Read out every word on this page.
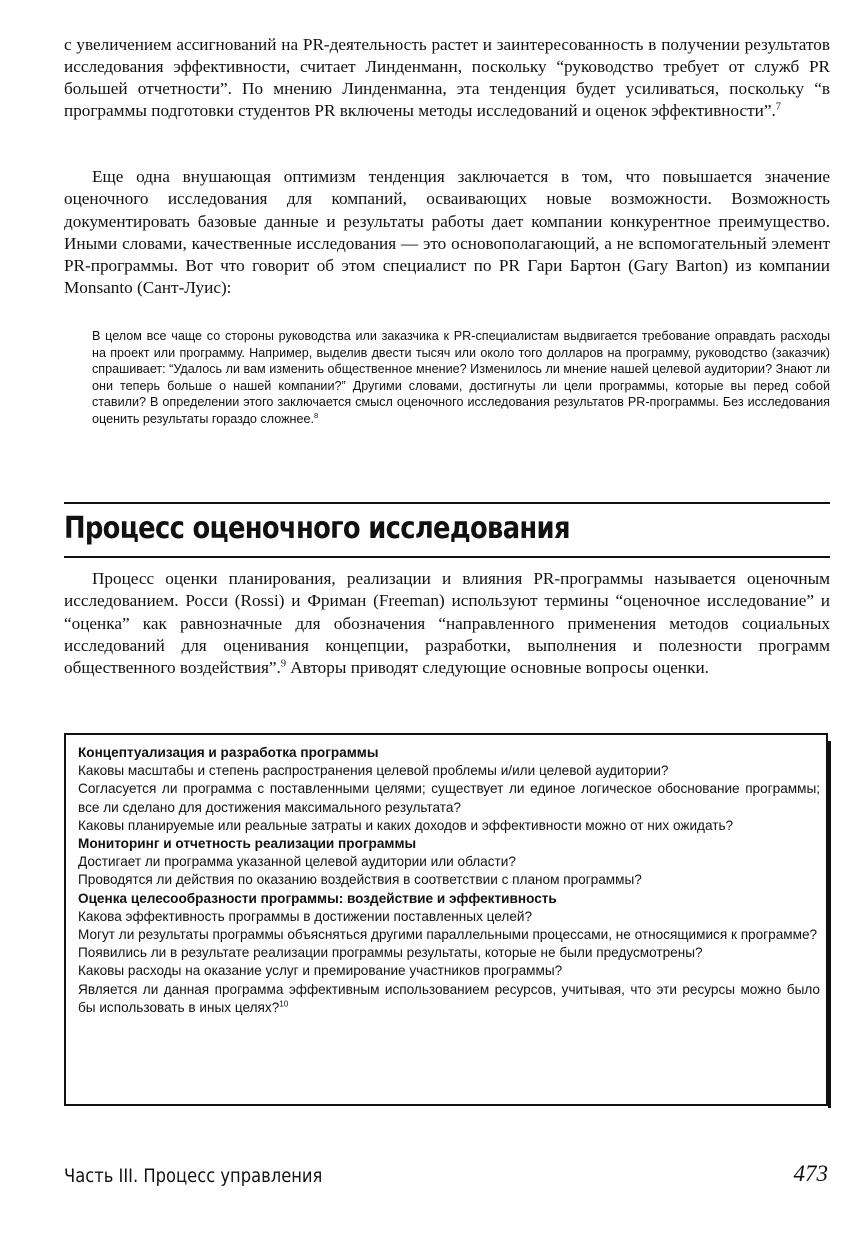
с увеличением ассигнований на PR-деятельность растет и заинтересованность в получении результатов исследования эффективности, считает Линденманн, поскольку “руководство требует от служб PR большей отчетности”. По мнению Линденманна, эта тенденция будет усиливаться, поскольку “в программы подготовки студентов PR включены методы исследований и оценок эффективности”.$^7$

Еще одна внушающая оптимизм тенденция заключается в том, что повышается значение оценочного исследования для компаний, осваивающих новые возможности. Возможность документировать базовые данные и результаты работы дает компании конкурентное преимущество. Иными словами, качественные исследования — это основополагающий, а не вспомогательный элемент PR-программы. Вот что говорит об этом специалист по PR Гари Бартон (Gary Barton) из компании Monsanto (Сант-Луис):

В целом все чаще со стороны руководства или заказчика к PR-специалистам выдвигается требование оправдать расходы на проект или программу. Например, выделив двести тысяч или около того долларов на программу, руководство (заказчик) спрашивает: “Удалось ли вам изменить общественное мнение? Изменилось ли мнение нашей целевой аудитории? Знают ли они теперь больше о нашей компании?” Другими словами, достигнуты ли цели программы, которые вы перед собой ставили? В определении этого заключается смысл оценочного исследования результатов PR-программы. Без исследования оценить результаты гораздо сложнее.$^8$

Процесс оценочного исследования

Процесс оценки планирования, реализации и влияния PR-программы называется оценочным исследованием. Росси (Rossi) и Фриман (Freeman) используют термины “оценочное исследование” и “оценка” как равнозначные для обозначения “направленного применения методов социальных исследований для оценивания концепции, разработки, выполнения и полезности программ общественного воздействия”.$^9$ Авторы приводят следующие основные вопросы оценки.

Концептуализация и разработка программы

Каковы масштабы и степень распространения целевой проблемы и/или целевой аудитории?

Согласуется ли программа с поставленными целями; существует ли единое логическое обоснование программы; все ли сделано для достижения максимального результата?

Каковы планируемые или реальные затраты и каких доходов и эффективности можно от них ожидать?

Мониторинг и отчетность реализации программы

Достигает ли программа указанной целевой аудитории или области?

Проводятся ли действия по оказанию воздействия в соответствии с планом программы?

Оценка целесообразности программы: воздействие и эффективность

Какова эффективность программы в достижении поставленных целей?

Могут ли результаты программы объясняться другими параллельными процессами, не относящимися к программе?

Появились ли в результате реализации программы результаты, которые не были предусмотрены?

Каковы расходы на оказание услуг и премирование участников программы?

Является ли данная программа эффективным использованием ресурсов, учитывая, что эти ресурсы можно было бы использовать в иных целях?$^{10}$

Часть III. Процесс управления	473
